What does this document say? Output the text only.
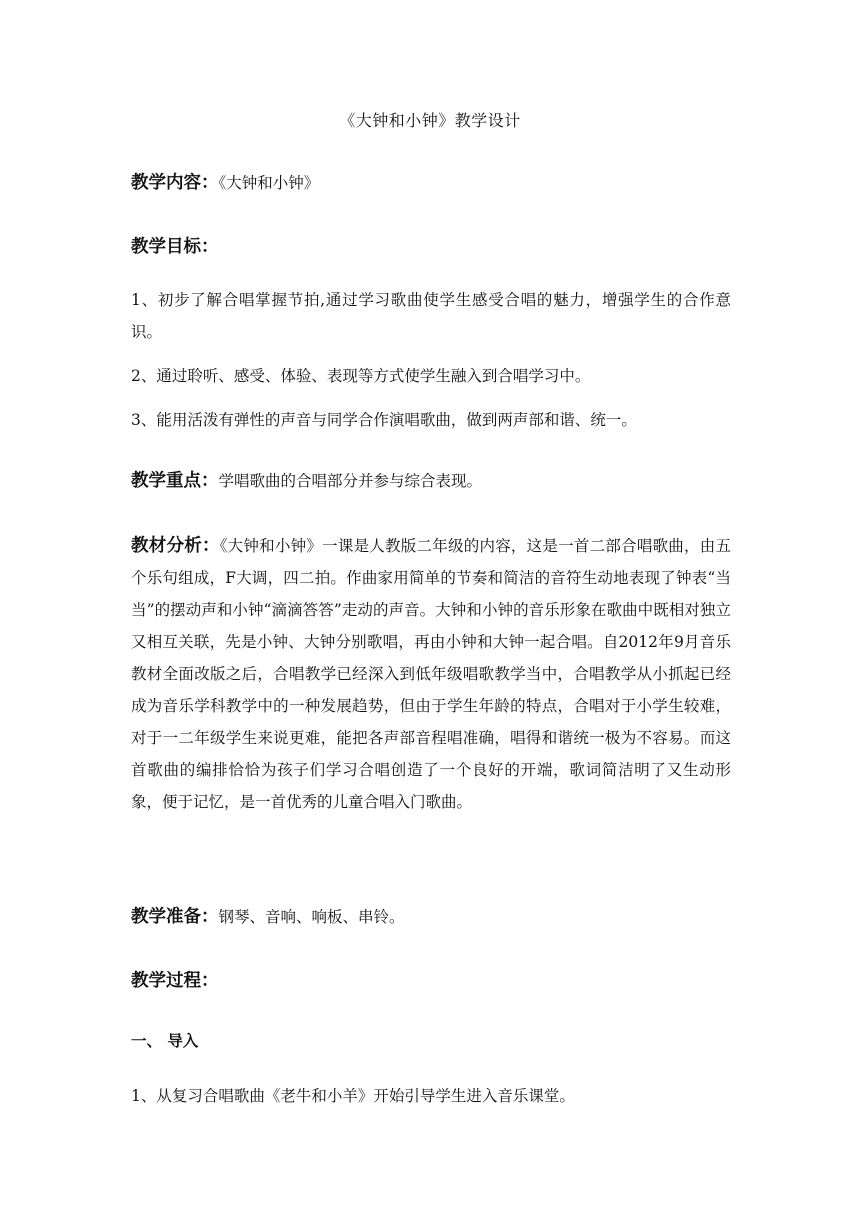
《大钟和小钟》教学设计
教学内容：《大钟和小钟》
教学目标：
1、初步了解合唱掌握节拍,通过学习歌曲使学生感受合唱的魅力，增强学生的合作意识。
2、通过聆听、感受、体验、表现等方式使学生融入到合唱学习中。
3、能用活泼有弹性的声音与同学合作演唱歌曲，做到两声部和谐、统一。
教学重点：学唱歌曲的合唱部分并参与综合表现。
教材分析：《大钟和小钟》一课是人教版二年级的内容，这是一首二部合唱歌曲，由五个乐句组成，F大调，四二拍。作曲家用简单的节奏和简洁的音符生动地表现了钟表“当当”的摆动声和小钟“滴滴答答”走动的声音。大钟和小钟的音乐形象在歌曲中既相对独立又相互关联，先是小钟、大钟分别歌唱，再由小钟和大钟一起合唱。自2012年9月音乐教材全面改版之后，合唱教学已经深入到低年级唱歌教学当中，合唱教学从小抓起已经成为音乐学科教学中的一种发展趋势，但由于学生年龄的特点，合唱对于小学生较难，对于一二年级学生来说更难，能把各声部音程唱准确，唱得和谐统一极为不容易。而这首歌曲的编排恰恰为孩子们学习合唱创造了一个良好的开端，歌词简洁明了又生动形象，便于记忆，是一首优秀的儿童合唱入门歌曲。
教学准备：钢琴、音响、响板、串铃。
教学过程：
一、 导入
1、从复习合唱歌曲《老牛和小羊》开始引导学生进入音乐课堂。
